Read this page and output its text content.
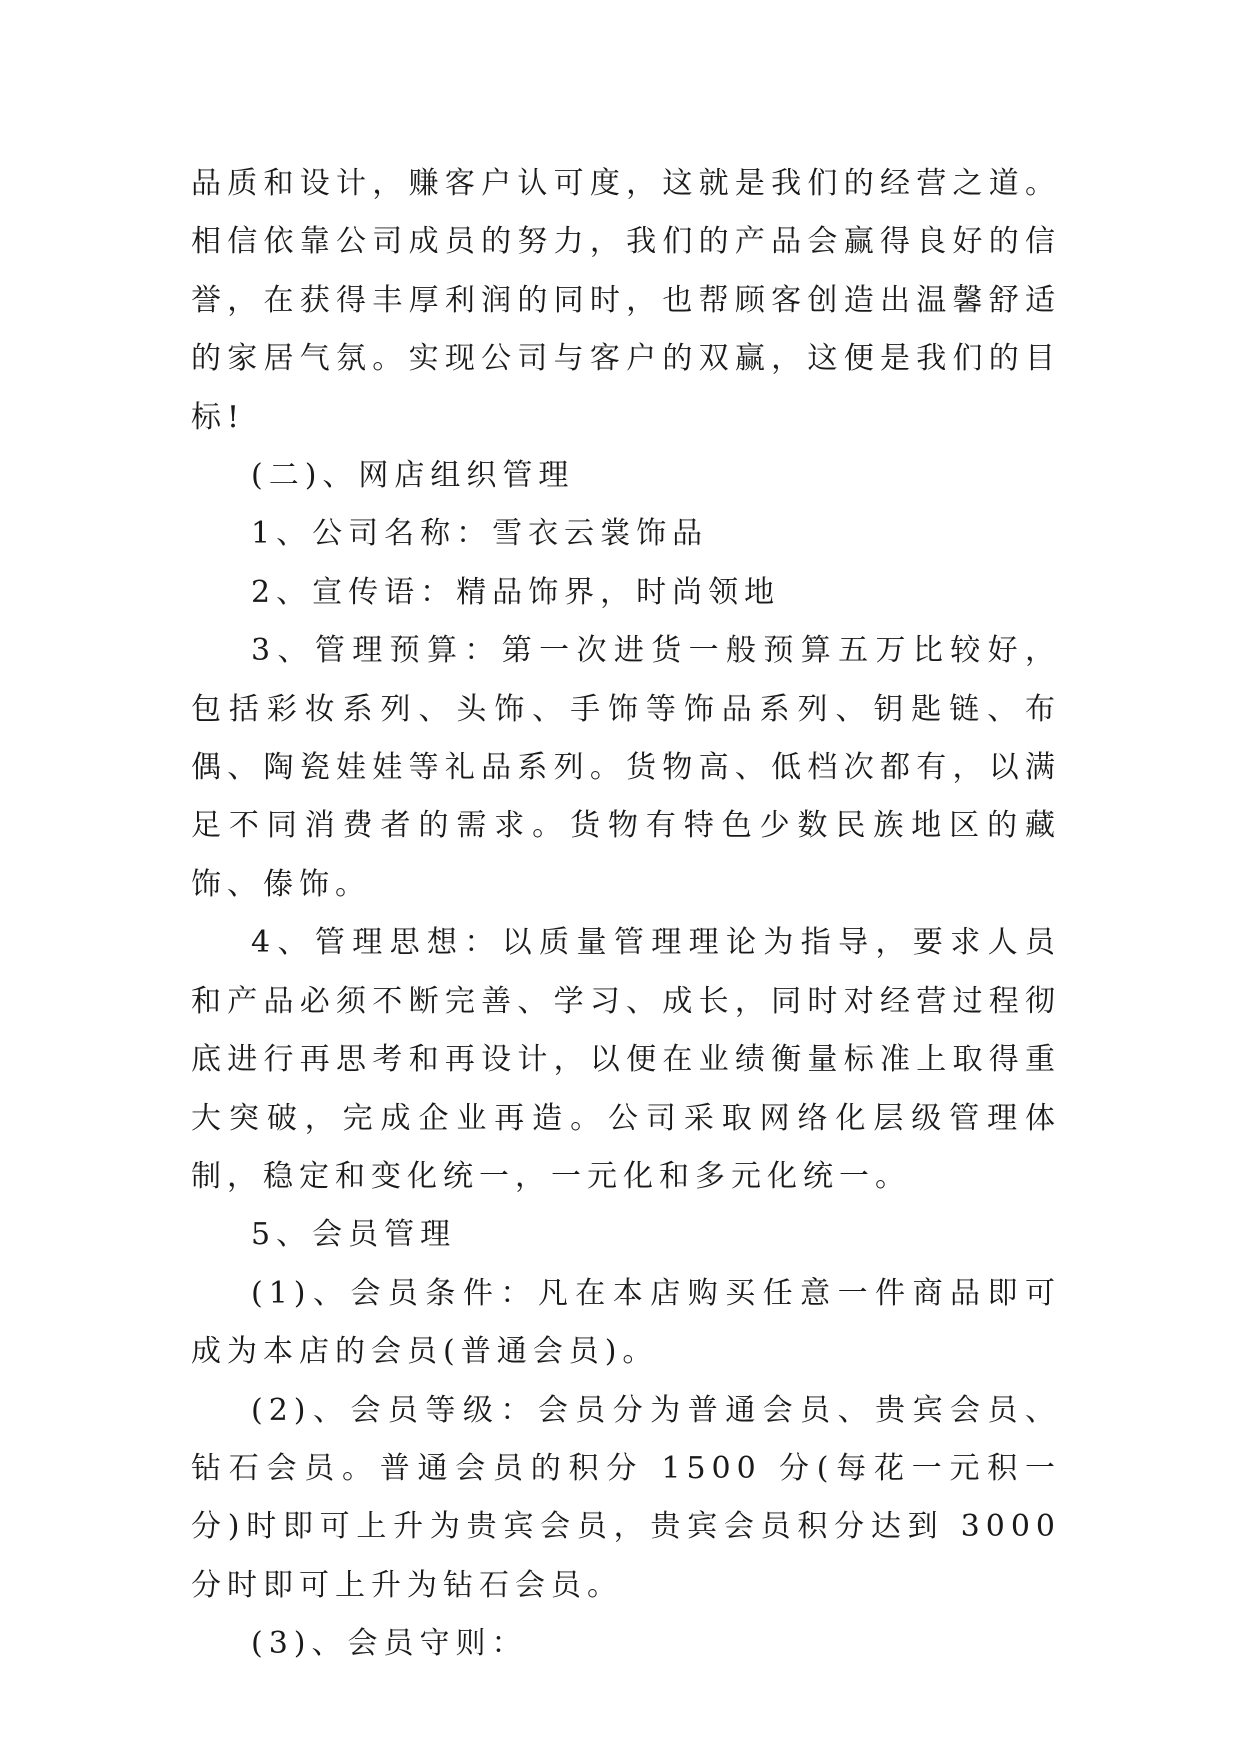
品质和设计，赚客户认可度，这就是我们的经营之道。相信依靠公司成员的努力，我们的产品会赢得良好的信誉，在获得丰厚利润的同时，也帮顾客创造出温馨舒适的家居气氛。实现公司与客户的双赢，这便是我们的目标!

(二)、网店组织管理

1、公司名称：雪衣云裳饰品

2、宣传语：精品饰界，时尚领地

3、管理预算：第一次进货一般预算五万比较好，包括彩妆系列、头饰、手饰等饰品系列、钥匙链、布偶、陶瓷娃娃等礼品系列。货物高、低档次都有，以满足不同消费者的需求。货物有特色少数民族地区的藏饰、傣饰。

4、管理思想：以质量管理理论为指导，要求人员和产品必须不断完善、学习、成长，同时对经营过程彻底进行再思考和再设计，以便在业绩衡量标准上取得重大突破，完成企业再造。公司采取网络化层级管理体制，稳定和变化统一，一元化和多元化统一。

5、会员管理

(1)、会员条件：凡在本店购买任意一件商品即可成为本店的会员(普通会员)。

(2)、会员等级：会员分为普通会员、贵宾会员、钻石会员。普通会员的积分 1500 分(每花一元积一分)时即可上升为贵宾会员，贵宾会员积分达到 3000 分时即可上升为钻石会员。

(3)、会员守则：
